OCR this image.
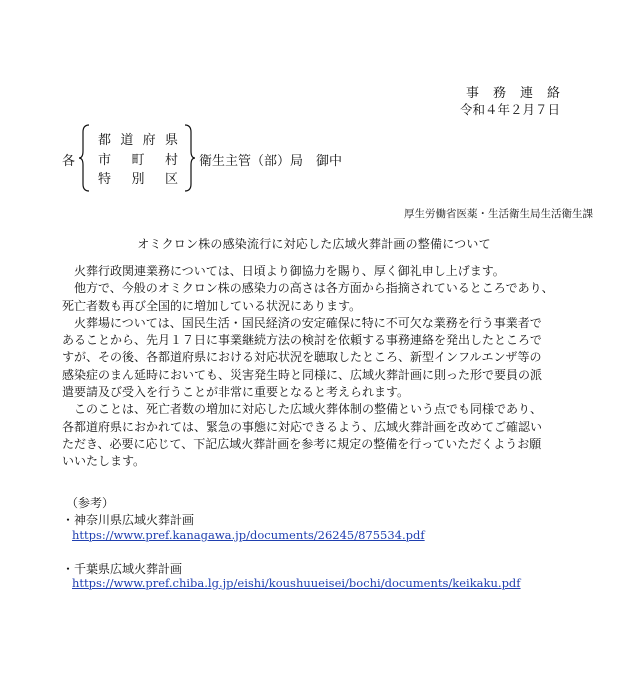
事務連絡
令和４年２月７日
各
都道府県
市町村
特別区
衛生主管（部）局　御中
厚生労働省医薬・生活衛生局生活衛生課
オミクロン株の感染流行に対応した広域火葬計画の整備について
　火葬行政関連業務については、日頃より御協力を賜り、厚く御礼申し上げます。
　他方で、今般のオミクロン株の感染力の高さは各方面から指摘されているところであり、
死亡者数も再び全国的に増加している状況にあります。
　火葬場については、国民生活・国民経済の安定確保に特に不可欠な業務を行う事業者で
あることから、先月１７日に事業継続方法の検討を依頼する事務連絡を発出したところで
すが、その後、各都道府県における対応状況を聴取したところ、新型インフルエンザ等の
感染症のまん延時においても、災害発生時と同様に、広域火葬計画に則った形で要員の派
遣要請及び受入を行うことが非常に重要となると考えられます。
　このことは、死亡者数の増加に対応した広域火葬体制の整備という点でも同様であり、
各都道府県におかれては、緊急の事態に対応できるよう、広域火葬計画を改めてご確認い
ただき、必要に応じて、下記広域火葬計画を参考に規定の整備を行っていただくようお願
いいたします。
（参考）
・神奈川県広域火葬計画
https://www.pref.kanagawa.jp/documents/26245/875534.pdf
・千葉県広域火葬計画
https://www.pref.chiba.lg.jp/eishi/koushuueisei/bochi/documents/keikaku.pdf
